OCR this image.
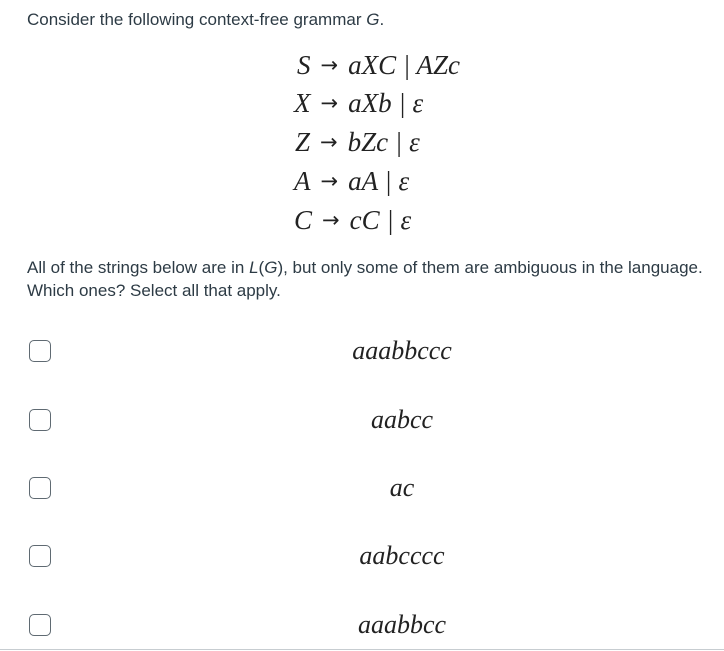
Consider the following context-free grammar G.
S → aXC | AZc
X → aXb | ε
Z → bZc | ε
A → aA | ε
C → cC | ε
All of the strings below are in L(G), but only some of them are ambiguous in the language. Which ones? Select all that apply.
aaabbccc
aabcc
ac
aabcccc
aaabbcc
